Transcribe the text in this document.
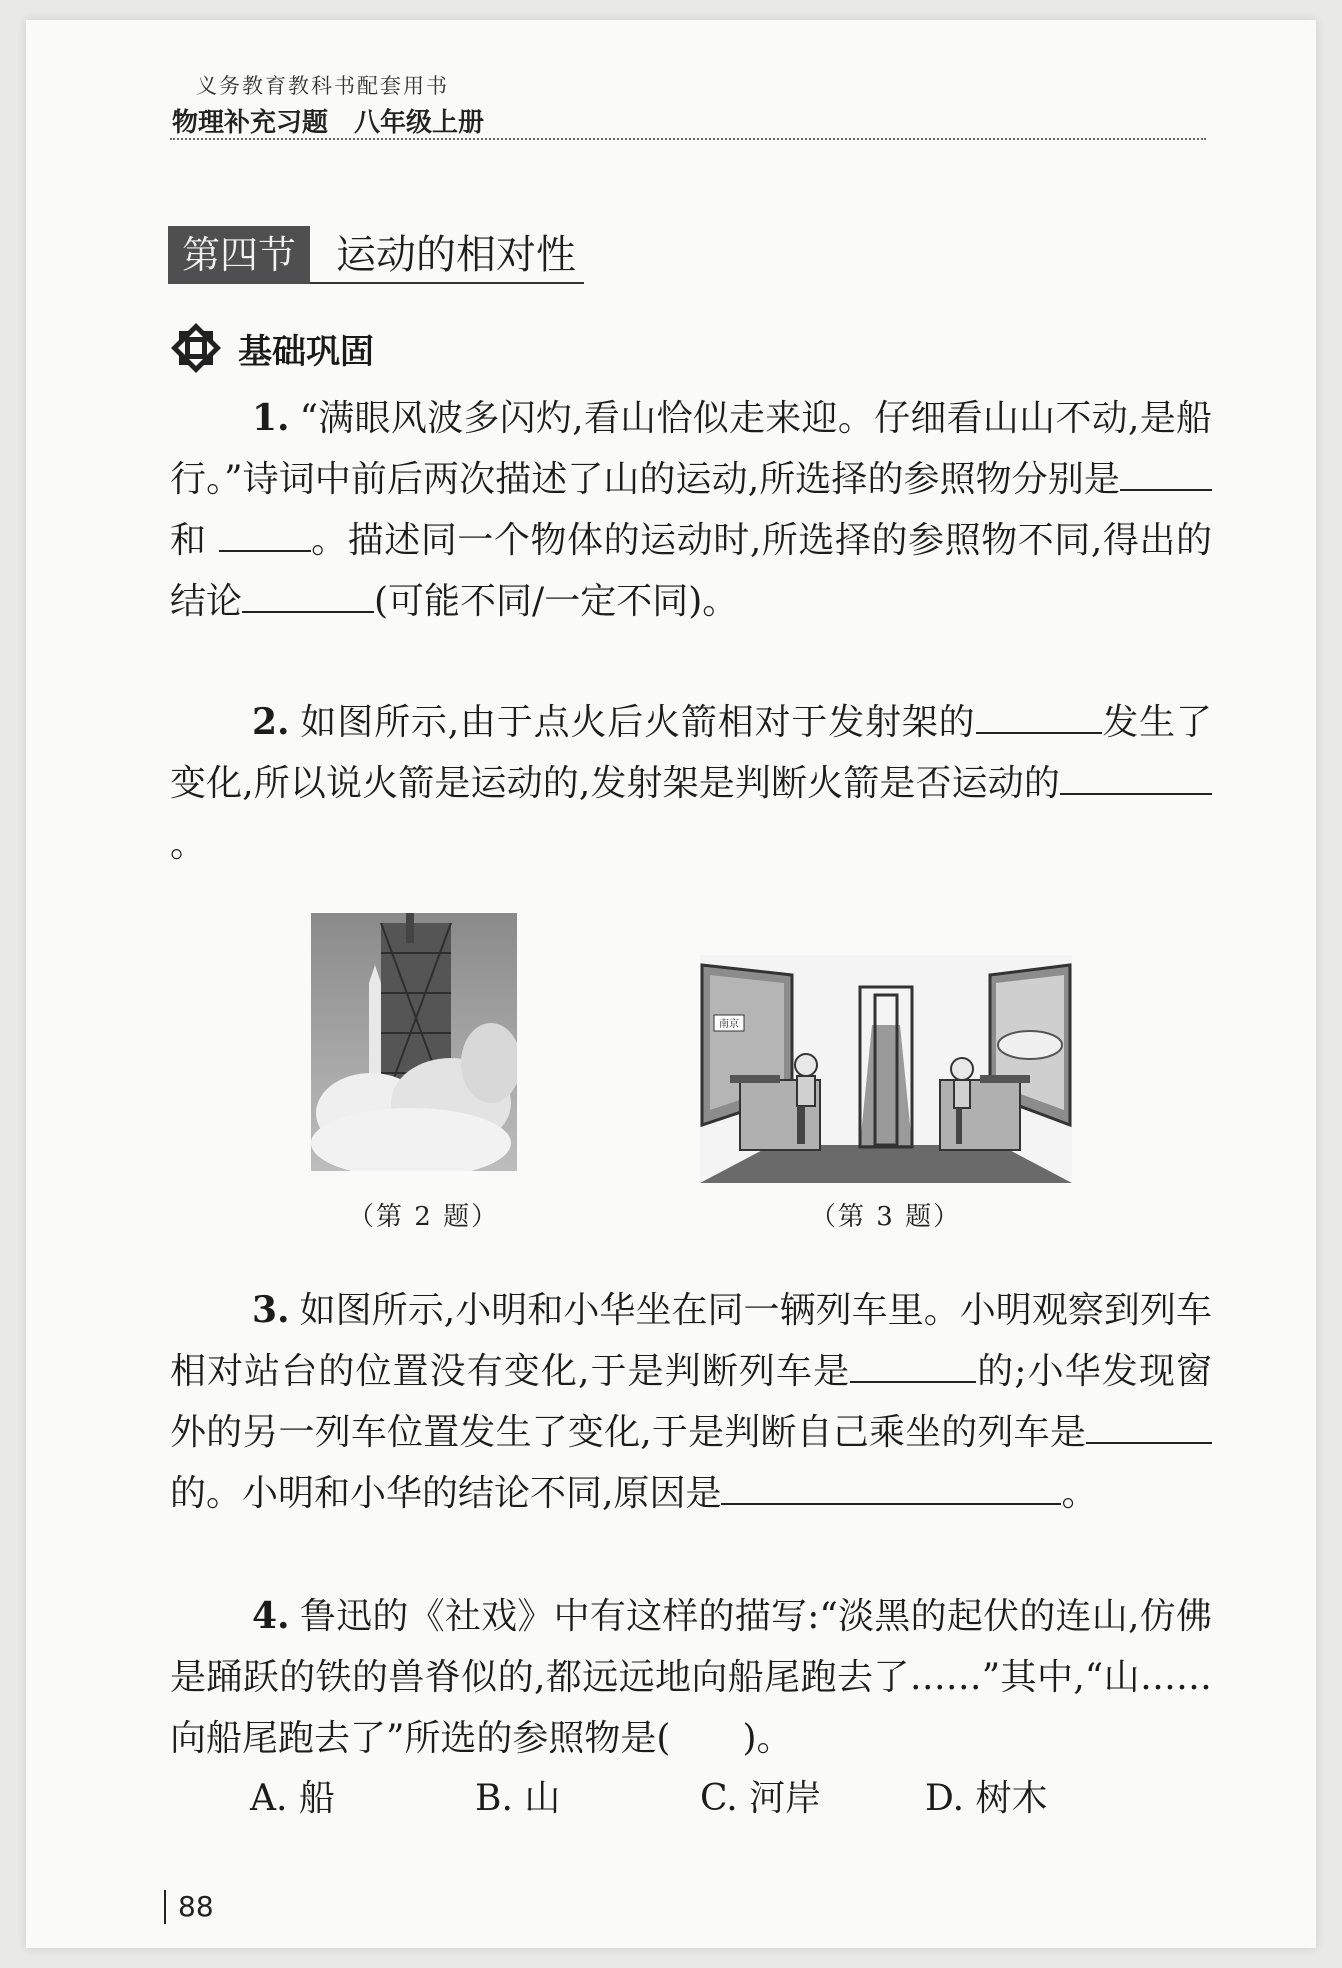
义务教育教科书配套用书
物理补充习题 八年级上册
第四节	运动的相对性
基础巩固
1. “满眼风波多闪灼,看山恰似走来迎。仔细看山山不动,是船行。”诗词中前后两次描述了山的运动,所选择的参照物分别是和	。描述同一个物体的运动时,所选择的参照物不同,得出的结论	(可能不同/一定不同)。
2. 如图所示,由于点火后火箭相对于发射架的	发生了变化,所以说火箭是运动的,发射架是判断火箭是否运动的。
（第 2 题）
南京
（第 3 题）
3. 如图所示,小明和小华坐在同一辆列车里。小明观察到列车相对站台的位置没有变化,于是判断列车是	的;小华发现窗外的另一列车位置发生了变化,于是判断自己乘坐的列车是的。小明和小华的结论不同,原因是	。
4. 鲁迅的《社戏》中有这样的描写:“淡黑的起伏的连山,仿佛是踊跃的铁的兽脊似的,都远远地向船尾跑去了……”其中,“山……向船尾跑去了”所选的参照物是(　　)。
A. 船	B. 山	C. 河岸	D. 树木
88
